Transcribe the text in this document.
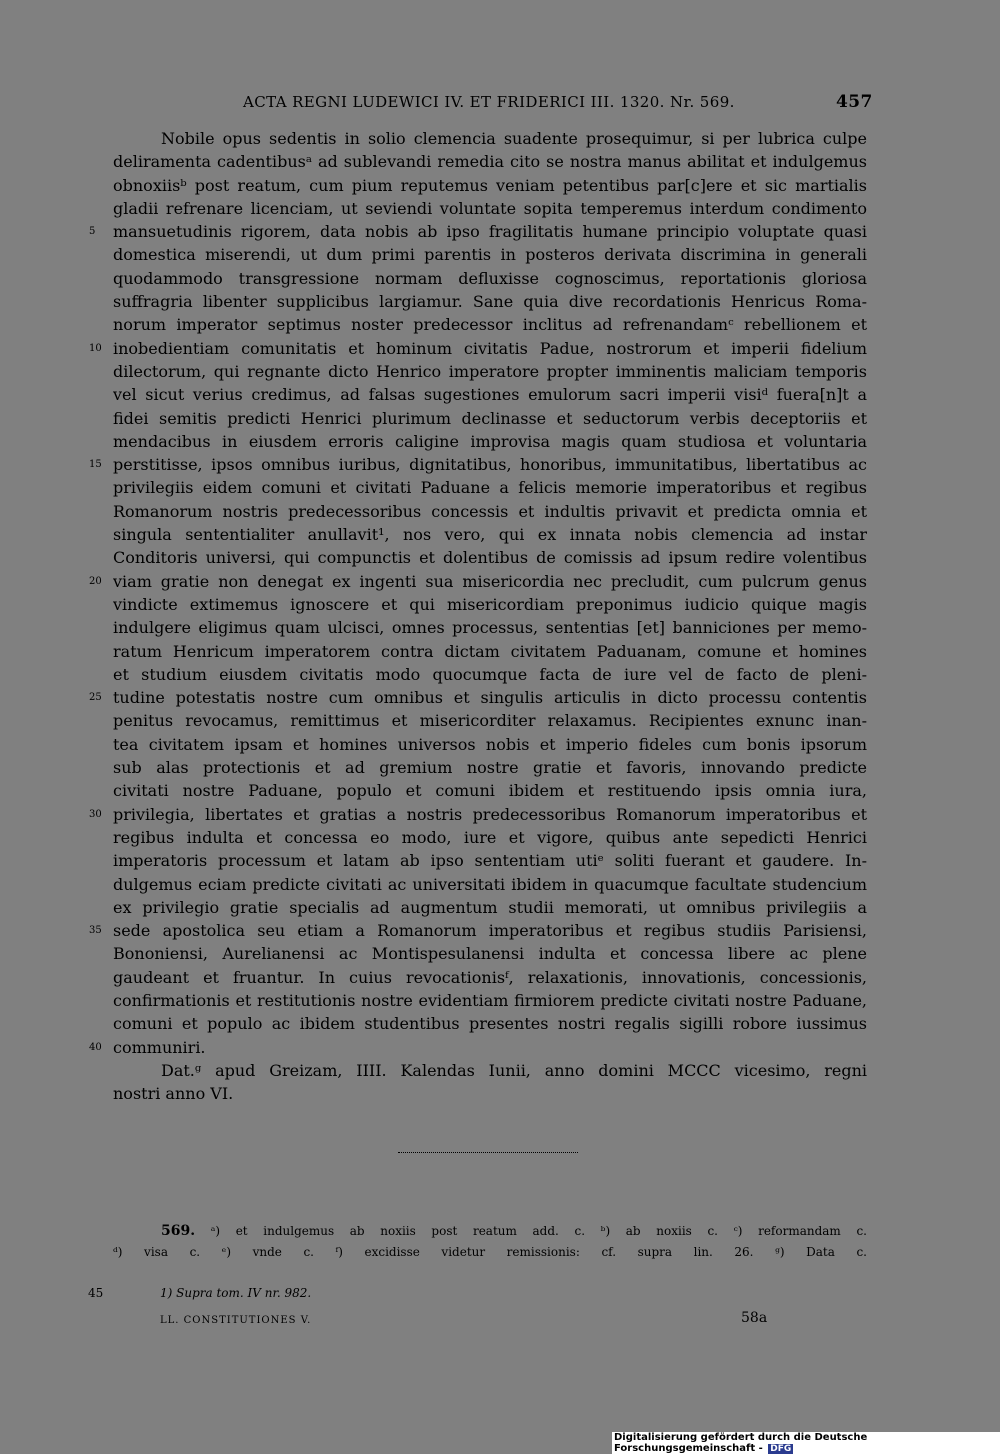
ACTA REGNI LUDEWICI IV. ET FRIDERICI III. 1320. Nr. 569.	457
Nobile opus sedentis in solio clemencia suadente prosequimur, si per lubrica culpe
deliramenta cadentibusᵃ ad sublevandi remedia cito se nostra manus abilitat et indulgemus
obnoxiisᵇ post reatum, cum pium reputemus veniam petentibus par[c]ere et sic martialis
gladii refrenare licenciam, ut seviendi voluntate sopita temperemus interdum condimento
mansuetudinis rigorem, data nobis ab ipso fragilitatis humane principio voluptate quasi
5
domestica miserendi, ut dum primi parentis in posteros derivata discrimina in generali
quodammodo transgressione normam defluxisse cognoscimus, reportationis gloriosa
suffragria libenter supplicibus largiamur. Sane quia dive recordationis Henricus Roma-
norum imperator septimus noster predecessor inclitus ad refrenandamᶜ rebellionem et
inobedientiam comunitatis et hominum civitatis Padue, nostrorum et imperii fidelium
10
dilectorum, qui regnante dicto Henrico imperatore propter imminentis maliciam temporis
vel sicut verius credimus, ad falsas sugestiones emulorum sacri imperii visiᵈ fuera[n]t a
fidei semitis predicti Henrici plurimum declinasse et seductorum verbis deceptoriis et
mendacibus in eiusdem erroris caligine improvisa magis quam studiosa et voluntaria
perstitisse, ipsos omnibus iuribus, dignitatibus, honoribus, immunitatibus, libertatibus ac
15
privilegiis eidem comuni et civitati Paduane a felicis memorie imperatoribus et regibus
Romanorum nostris predecessoribus concessis et indultis privavit et predicta omnia et
singula sententialiter anullavit¹, nos vero, qui ex innata nobis clemencia ad instar
Conditoris universi, qui compunctis et dolentibus de comissis ad ipsum redire volentibus
viam gratie non denegat ex ingenti sua misericordia nec precludit, cum pulcrum genus
20
vindicte extimemus ignoscere et qui misericordiam preponimus iudicio quique magis
indulgere eligimus quam ulcisci, omnes processus, sententias [et] banniciones per memo-
ratum Henricum imperatorem contra dictam civitatem Paduanam, comune et homines
et studium eiusdem civitatis modo quocumque facta de iure vel de facto de pleni-
tudine potestatis nostre cum omnibus et singulis articulis in dicto processu contentis
25
penitus revocamus, remittimus et misericorditer relaxamus. Recipientes exnunc inan-
tea civitatem ipsam et homines universos nobis et imperio fideles cum bonis ipsorum
sub alas protectionis et ad gremium nostre gratie et favoris, innovando predicte
civitati nostre Paduane, populo et comuni ibidem et restituendo ipsis omnia iura,
privilegia, libertates et gratias a nostris predecessoribus Romanorum imperatoribus et
30
regibus indulta et concessa eo modo, iure et vigore, quibus ante sepedicti Henrici
imperatoris processum et latam ab ipso sententiam utiᵉ soliti fuerant et gaudere. In-
dulgemus eciam predicte civitati ac universitati ibidem in quacumque facultate studencium
ex privilegio gratie specialis ad augmentum studii memorati, ut omnibus privilegiis a
sede apostolica seu etiam a Romanorum imperatoribus et regibus studiis Parisiensi,
35
Bononiensi, Aurelianensi ac Montispesulanensi indulta et concessa libere ac plene
gaudeant et fruantur. In cuius revocationisᶠ, relaxationis, innovationis, concessionis,
confirmationis et restitutionis nostre evidentiam firmiorem predicte civitati nostre Paduane,
comuni et populo ac ibidem studentibus presentes nostri regalis sigilli robore iussimus
communiri.
40
Dat.ᵍ apud Greizam, IIII. Kalendas Iunii, anno domini MCCC vicesimo, regni
nostri anno VI.
569. ᵃ) et indulgemus ab noxiis post reatum add. c. ᵇ) ab noxiis c. ᶜ) reformandam c.
ᵈ) visa c. ᵉ) vnde c. ᶠ) excidisse videtur remissionis: cf. supra lin. 26. ᵍ) Data c.
45	1) Supra tom. IV nr. 982.
LL. CONSTITUTIONES V.	58a
Digitalisierung gefördert durch die Deutsche Forschungsgemeinschaft - DFG
